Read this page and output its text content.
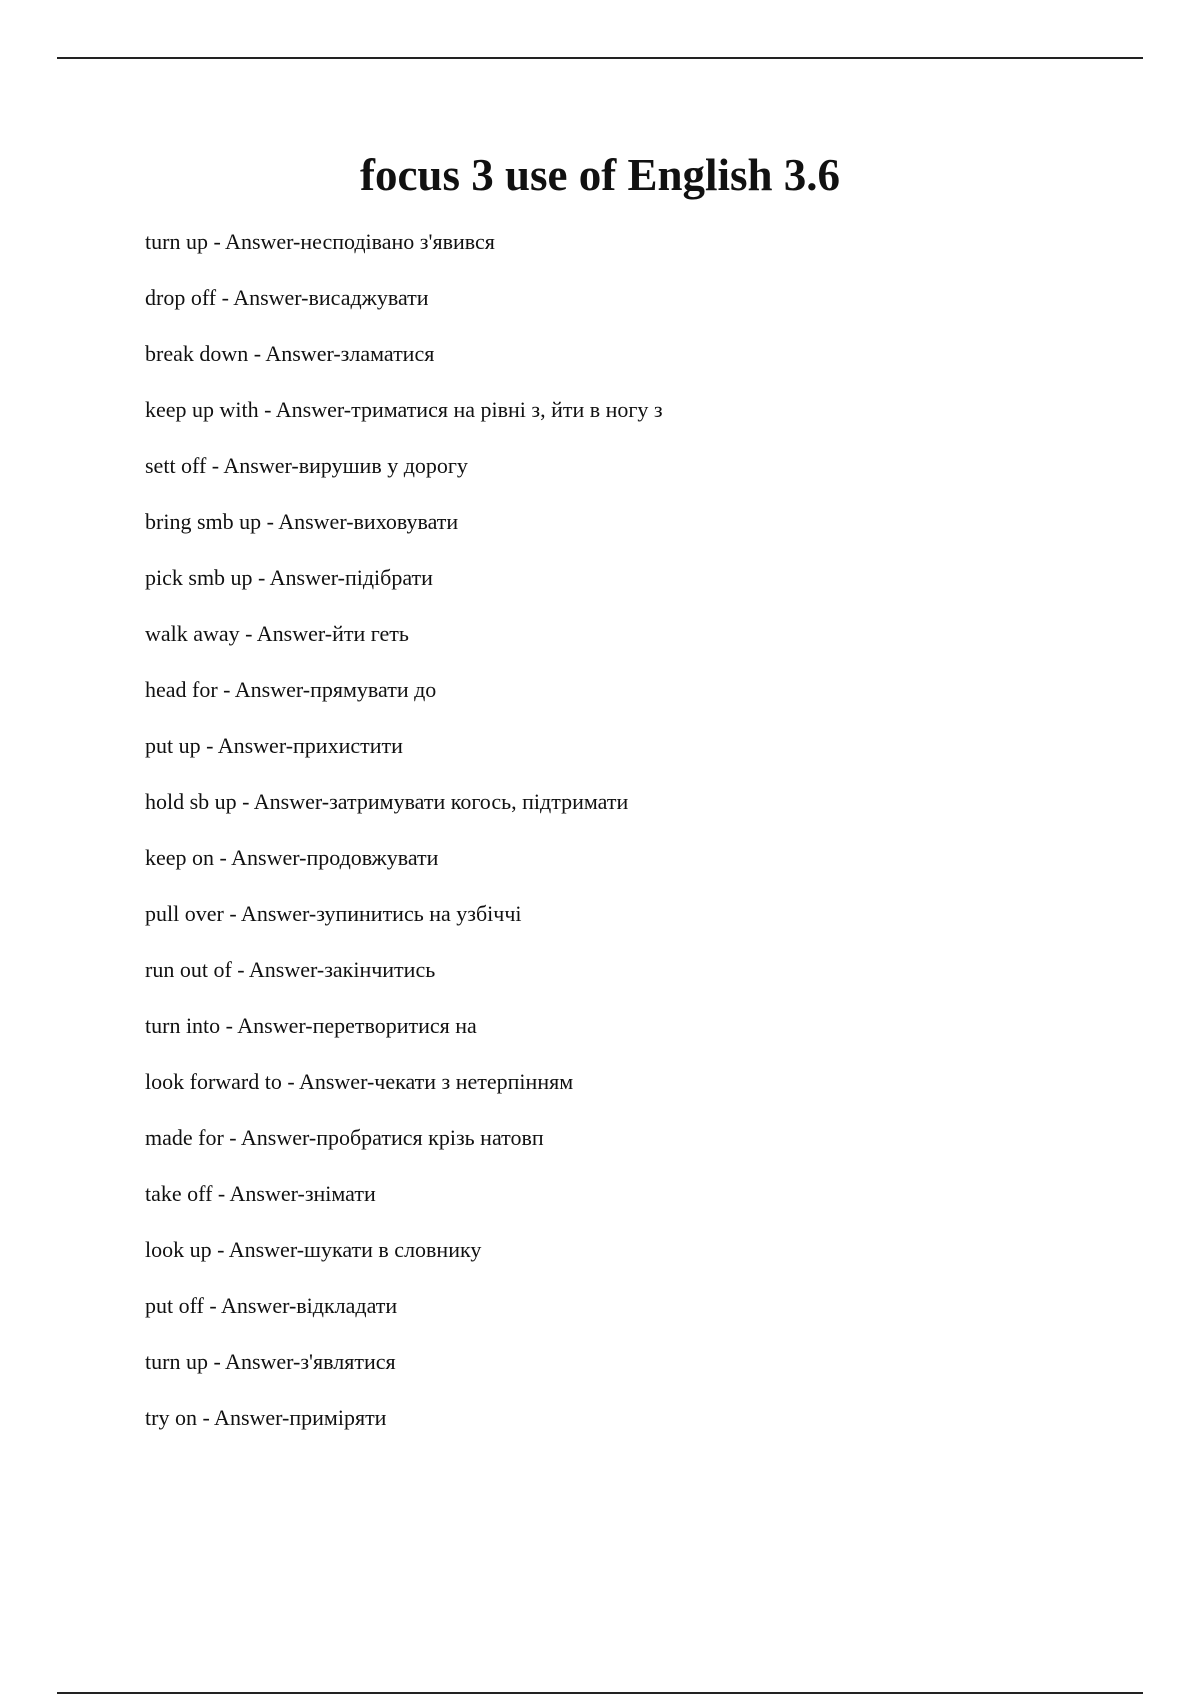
focus 3 use of English 3.6
turn up - Answer-несподівано з'явився
drop off - Answer-висаджувати
break down - Answer-зламатися
keep up with - Answer-триматися на рівні з, йти в ногу з
sett off - Answer-вирушив у дорогу
bring smb up - Answer-виховувати
pick smb up - Answer-підібрати
walk away - Answer-йти геть
head for - Answer-прямувати до
put up - Answer-прихистити
hold sb up - Answer-затримувати когось, підтримати
keep on - Answer-продовжувати
pull over - Answer-зупинитись на узбіччі
run out of - Answer-закінчитись
turn into - Answer-перетворитися на
look forward to - Answer-чекати з нетерпінням
made for - Answer-пробратися крізь натовп
take off - Answer-знімати
look up - Answer-шукати в словнику
put off - Answer-відкладати
turn up - Answer-з'являтися
try on - Answer-приміряти
